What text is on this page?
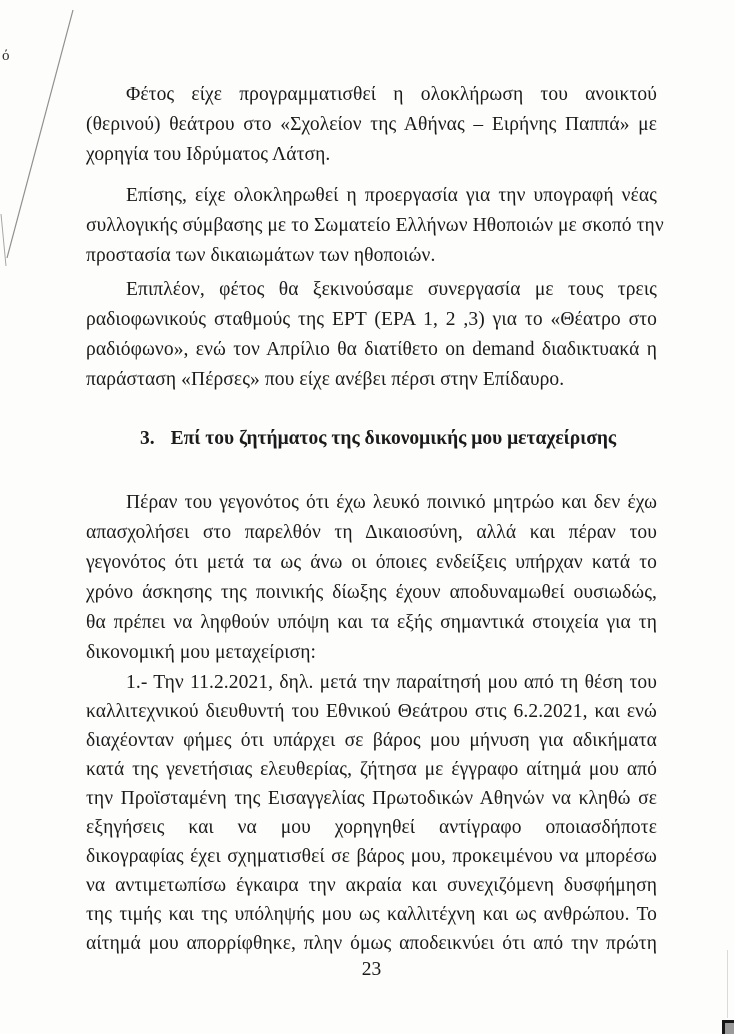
ό
Φέτος είχε προγραμματισθεί η ολοκλήρωση του ανοικτού
(θερινού) θεάτρου στο «Σχολείον της Αθήνας – Ειρήνης Παππά» με
χορηγία του Ιδρύματος Λάτση.
Επίσης, είχε ολοκληρωθεί η προεργασία για την υπογραφή νέας
συλλογικής σύμβασης με το Σωματείο Ελλήνων Ηθοποιών με σκοπό την
προστασία των δικαιωμάτων των ηθοποιών.
Επιπλέον, φέτος θα ξεκινούσαμε συνεργασία με τους τρεις
ραδιοφωνικούς σταθμούς της ΕΡΤ (ΕΡΑ 1, 2 ,3) για το «Θέατρο στο
ραδιόφωνο», ενώ τον Απρίλιο θα διατίθετο on demand διαδικτυακά η
παράσταση «Πέρσες» που είχε ανέβει πέρσι στην Επίδαυρο.
3. Επί του ζητήματος της δικονομικής μου μεταχείρισης
Πέραν του γεγονότος ότι έχω λευκό ποινικό μητρώο και δεν έχω
απασχολήσει στο παρελθόν τη Δικαιοσύνη, αλλά και πέραν του
γεγονότος ότι μετά τα ως άνω οι όποιες ενδείξεις υπήρχαν κατά το
χρόνο άσκησης της ποινικής δίωξης έχουν αποδυναμωθεί ουσιωδώς,
θα πρέπει να ληφθούν υπόψη και τα εξής σημαντικά στοιχεία για τη
δικονομική μου μεταχείριση:
1.- Την 11.2.2021, δηλ. μετά την παραίτησή μου από τη θέση του
καλλιτεχνικού διευθυντή του Εθνικού Θεάτρου στις 6.2.2021, και ενώ
διαχέονταν φήμες ότι υπάρχει σε βάρος μου μήνυση για αδικήματα
κατά της γενετήσιας ελευθερίας, ζήτησα με έγγραφο αίτημά μου από
την Προϊσταμένη της Εισαγγελίας Πρωτοδικών Αθηνών να κληθώ σε
εξηγήσεις και να μου χορηγηθεί αντίγραφο οποιασδήποτε
δικογραφίας έχει σχηματισθεί σε βάρος μου, προκειμένου να μπορέσω
να αντιμετωπίσω έγκαιρα την ακραία και συνεχιζόμενη δυσφήμηση
της τιμής και της υπόληψής μου ως καλλιτέχνη και ως ανθρώπου. Το
αίτημά μου απορρίφθηκε, πλην όμως αποδεικνύει ότι από την πρώτη
23
